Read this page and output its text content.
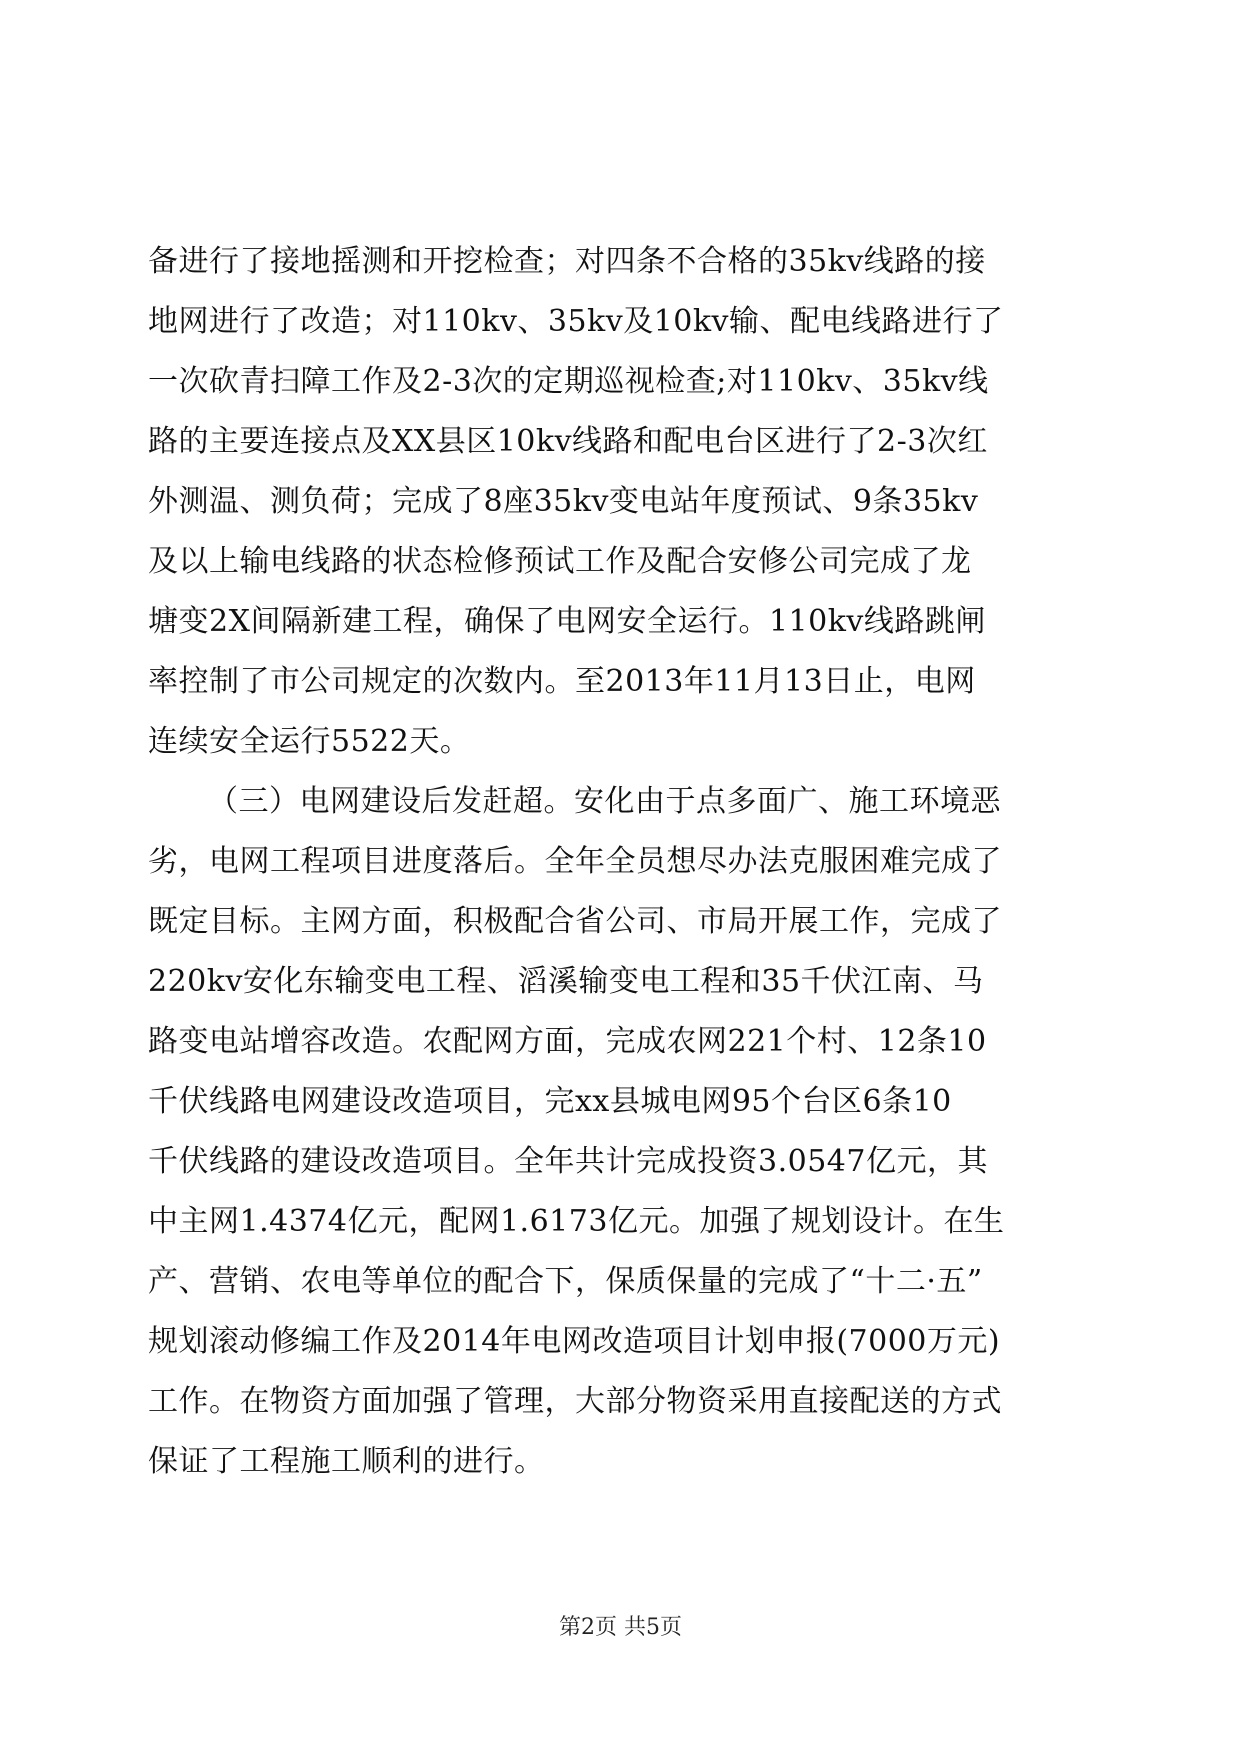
备进行了接地摇测和开挖检查；对四条不合格的35kv线路的接
地网进行了改造；对110kv、35kv及10kv输、配电线路进行了
一次砍青扫障工作及2-3次的定期巡视检查;对110kv、35kv线
路的主要连接点及XX县区10kv线路和配电台区进行了2-3次红
外测温、测负荷；完成了8座35kv变电站年度预试、9条35kv
及以上输电线路的状态检修预试工作及配合安修公司完成了龙
塘变2X间隔新建工程，确保了电网安全运行。110kv线路跳闸
率控制了市公司规定的次数内。至2013年11月13日止，电网
连续安全运行5522天。
（三）电网建设后发赶超。安化由于点多面广、施工环境恶
劣，电网工程项目进度落后。全年全员想尽办法克服困难完成了
既定目标。主网方面，积极配合省公司、市局开展工作，完成了
220kv安化东输变电工程、滔溪输变电工程和35千伏江南、马
路变电站增容改造。农配网方面，完成农网221个村、12条10
千伏线路电网建设改造项目，完xx县城电网95个台区6条10
千伏线路的建设改造项目。全年共计完成投资3.0547亿元，其
中主网1.4374亿元，配网1.6173亿元。加强了规划设计。在生
产、营销、农电等单位的配合下，保质保量的完成了“十二·五”
规划滚动修编工作及2014年电网改造项目计划申报(7000万元)
工作。在物资方面加强了管理，大部分物资采用直接配送的方式
保证了工程施工顺利的进行。
第2页 共5页
